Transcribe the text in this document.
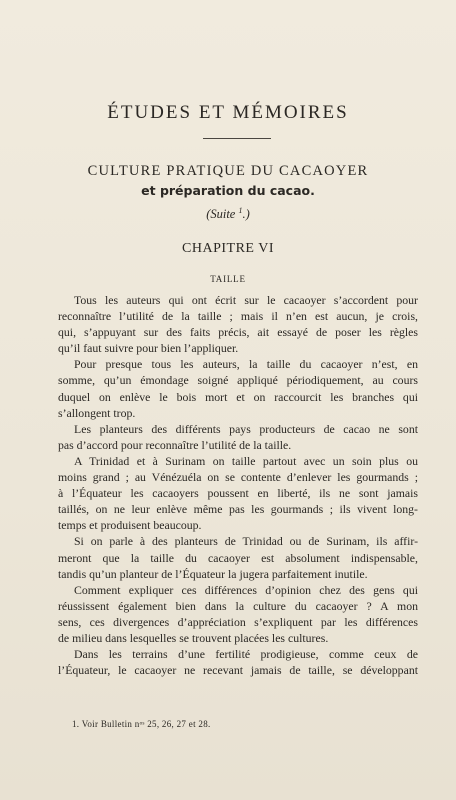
ÉTUDES ET MÉMOIRES
CULTURE PRATIQUE DU CACAOYER
et préparation du cacao.
(Suite $^1$.)
CHAPITRE VI
TAILLE
Tous les auteurs qui ont écrit sur le cacaoyer s’accordent pour
reconnaître l’utilité de la taille ; mais il n’en est aucun, je crois,
qui, s’appuyant sur des faits précis, ait essayé de poser les règles
qu’il faut suivre pour bien l’appliquer.
Pour presque tous les auteurs, la taille du cacaoyer n’est, en
somme, qu’un émondage soigné appliqué périodiquement, au cours
duquel on enlève le bois mort et on raccourcit les branches qui
s’allongent trop.
Les planteurs des différents pays producteurs de cacao ne sont
pas d’accord pour reconnaître l’utilité de la taille.
A Trinidad et à Surinam on taille partout avec un soin plus ou
moins grand ; au Vénézuéla on se contente d’enlever les gourmands ;
à l’Équateur les cacaoyers poussent en liberté, ils ne sont jamais
taillés, on ne leur enlève même pas les gourmands ; ils vivent long-
temps et produisent beaucoup.
Si on parle à des planteurs de Trinidad ou de Surinam, ils affir-
meront que la taille du cacaoyer est absolument indispensable,
tandis qu’un planteur de l’Équateur la jugera parfaitement inutile.
Comment expliquer ces différences d’opinion chez des gens qui
réussissent également bien dans la culture du cacaoyer ? A mon
sens, ces divergences d’appréciation s’expliquent par les différences
de milieu dans lesquelles se trouvent placées les cultures.
Dans les terrains d’une fertilité prodigieuse, comme ceux de
l’Équateur, le cacaoyer ne recevant jamais de taille, se développant
1. Voir Bulletin nᵒˢ 25, 26, 27 et 28.
